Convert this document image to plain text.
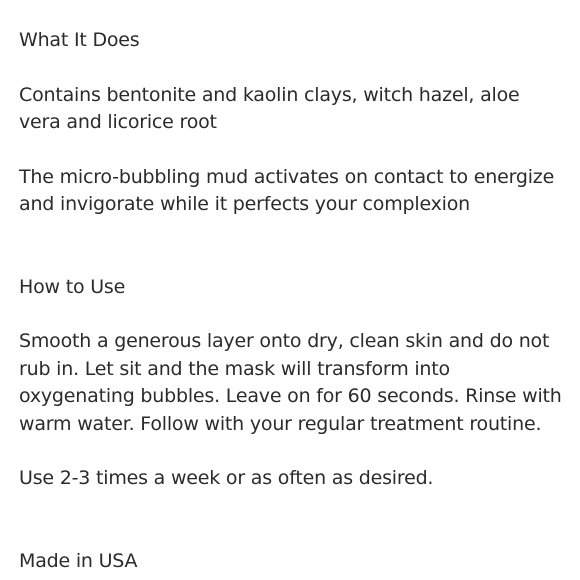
What It Does

Contains bentonite and kaolin clays, witch hazel, aloe vera and licorice root

The micro-bubbling mud activates on contact to energize and invigorate while it perfects your complexion

How to Use

Smooth a generous layer onto dry, clean skin and do not rub in. Let sit and the mask will transform into oxygenating bubbles. Leave on for 60 seconds. Rinse with warm water. Follow with your regular treatment routine.

Use 2-3 times a week or as often as desired.

Made in USA
